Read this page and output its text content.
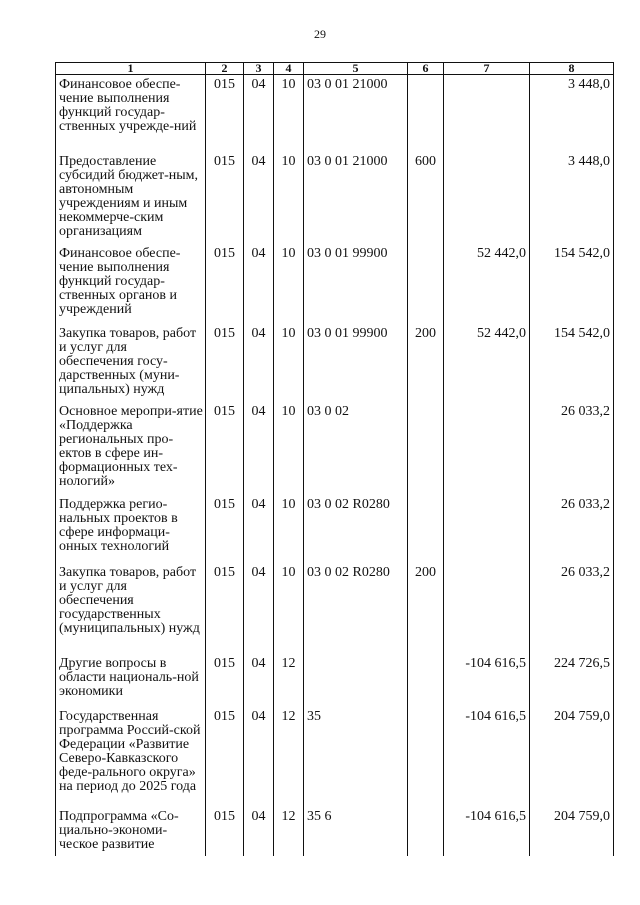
29
1	2	3	4	5	6	7	8
Финансовое обеспе-чение выполнения функций государ-ственных учрежде-ний	015	04	10	03 0 01 21000			3 448,0
Предоставление субсидий бюджет-ным, автономным учреждениям и иным некоммерче-ским организациям	015	04	10	03 0 01 21000	600		3 448,0
Финансовое обеспе-чение выполнения функций государ-ственных органов и учреждений	015	04	10	03 0 01 99900		52 442,0	154 542,0
Закупка товаров, работ и услуг для обеспечения госу-дарственных (муни-ципальных) нужд	015	04	10	03 0 01 99900	200	52 442,0	154 542,0
Основное меропри-ятие «Поддержка региональных про-ектов в сфере ин-формационных тех-нологий»	015	04	10	03 0 02			26 033,2
Поддержка регио-нальных проектов в сфере информаци-онных технологий	015	04	10	03 0 02 R0280			26 033,2
Закупка товаров, работ и услуг для обеспечения государственных (муниципальных) нужд	015	04	10	03 0 02 R0280	200		26 033,2
Другие вопросы в области националь-ной экономики	015	04	12			-104 616,5	224 726,5
Государственная программа Россий-ской Федерации «Развитие Северо-Кавказского феде-рального округа» на период до 2025 года	015	04	12	35		-104 616,5	204 759,0
Подпрограмма «Со-циально-экономи-ческое развитие	015	04	12	35 6		-104 616,5	204 759,0
